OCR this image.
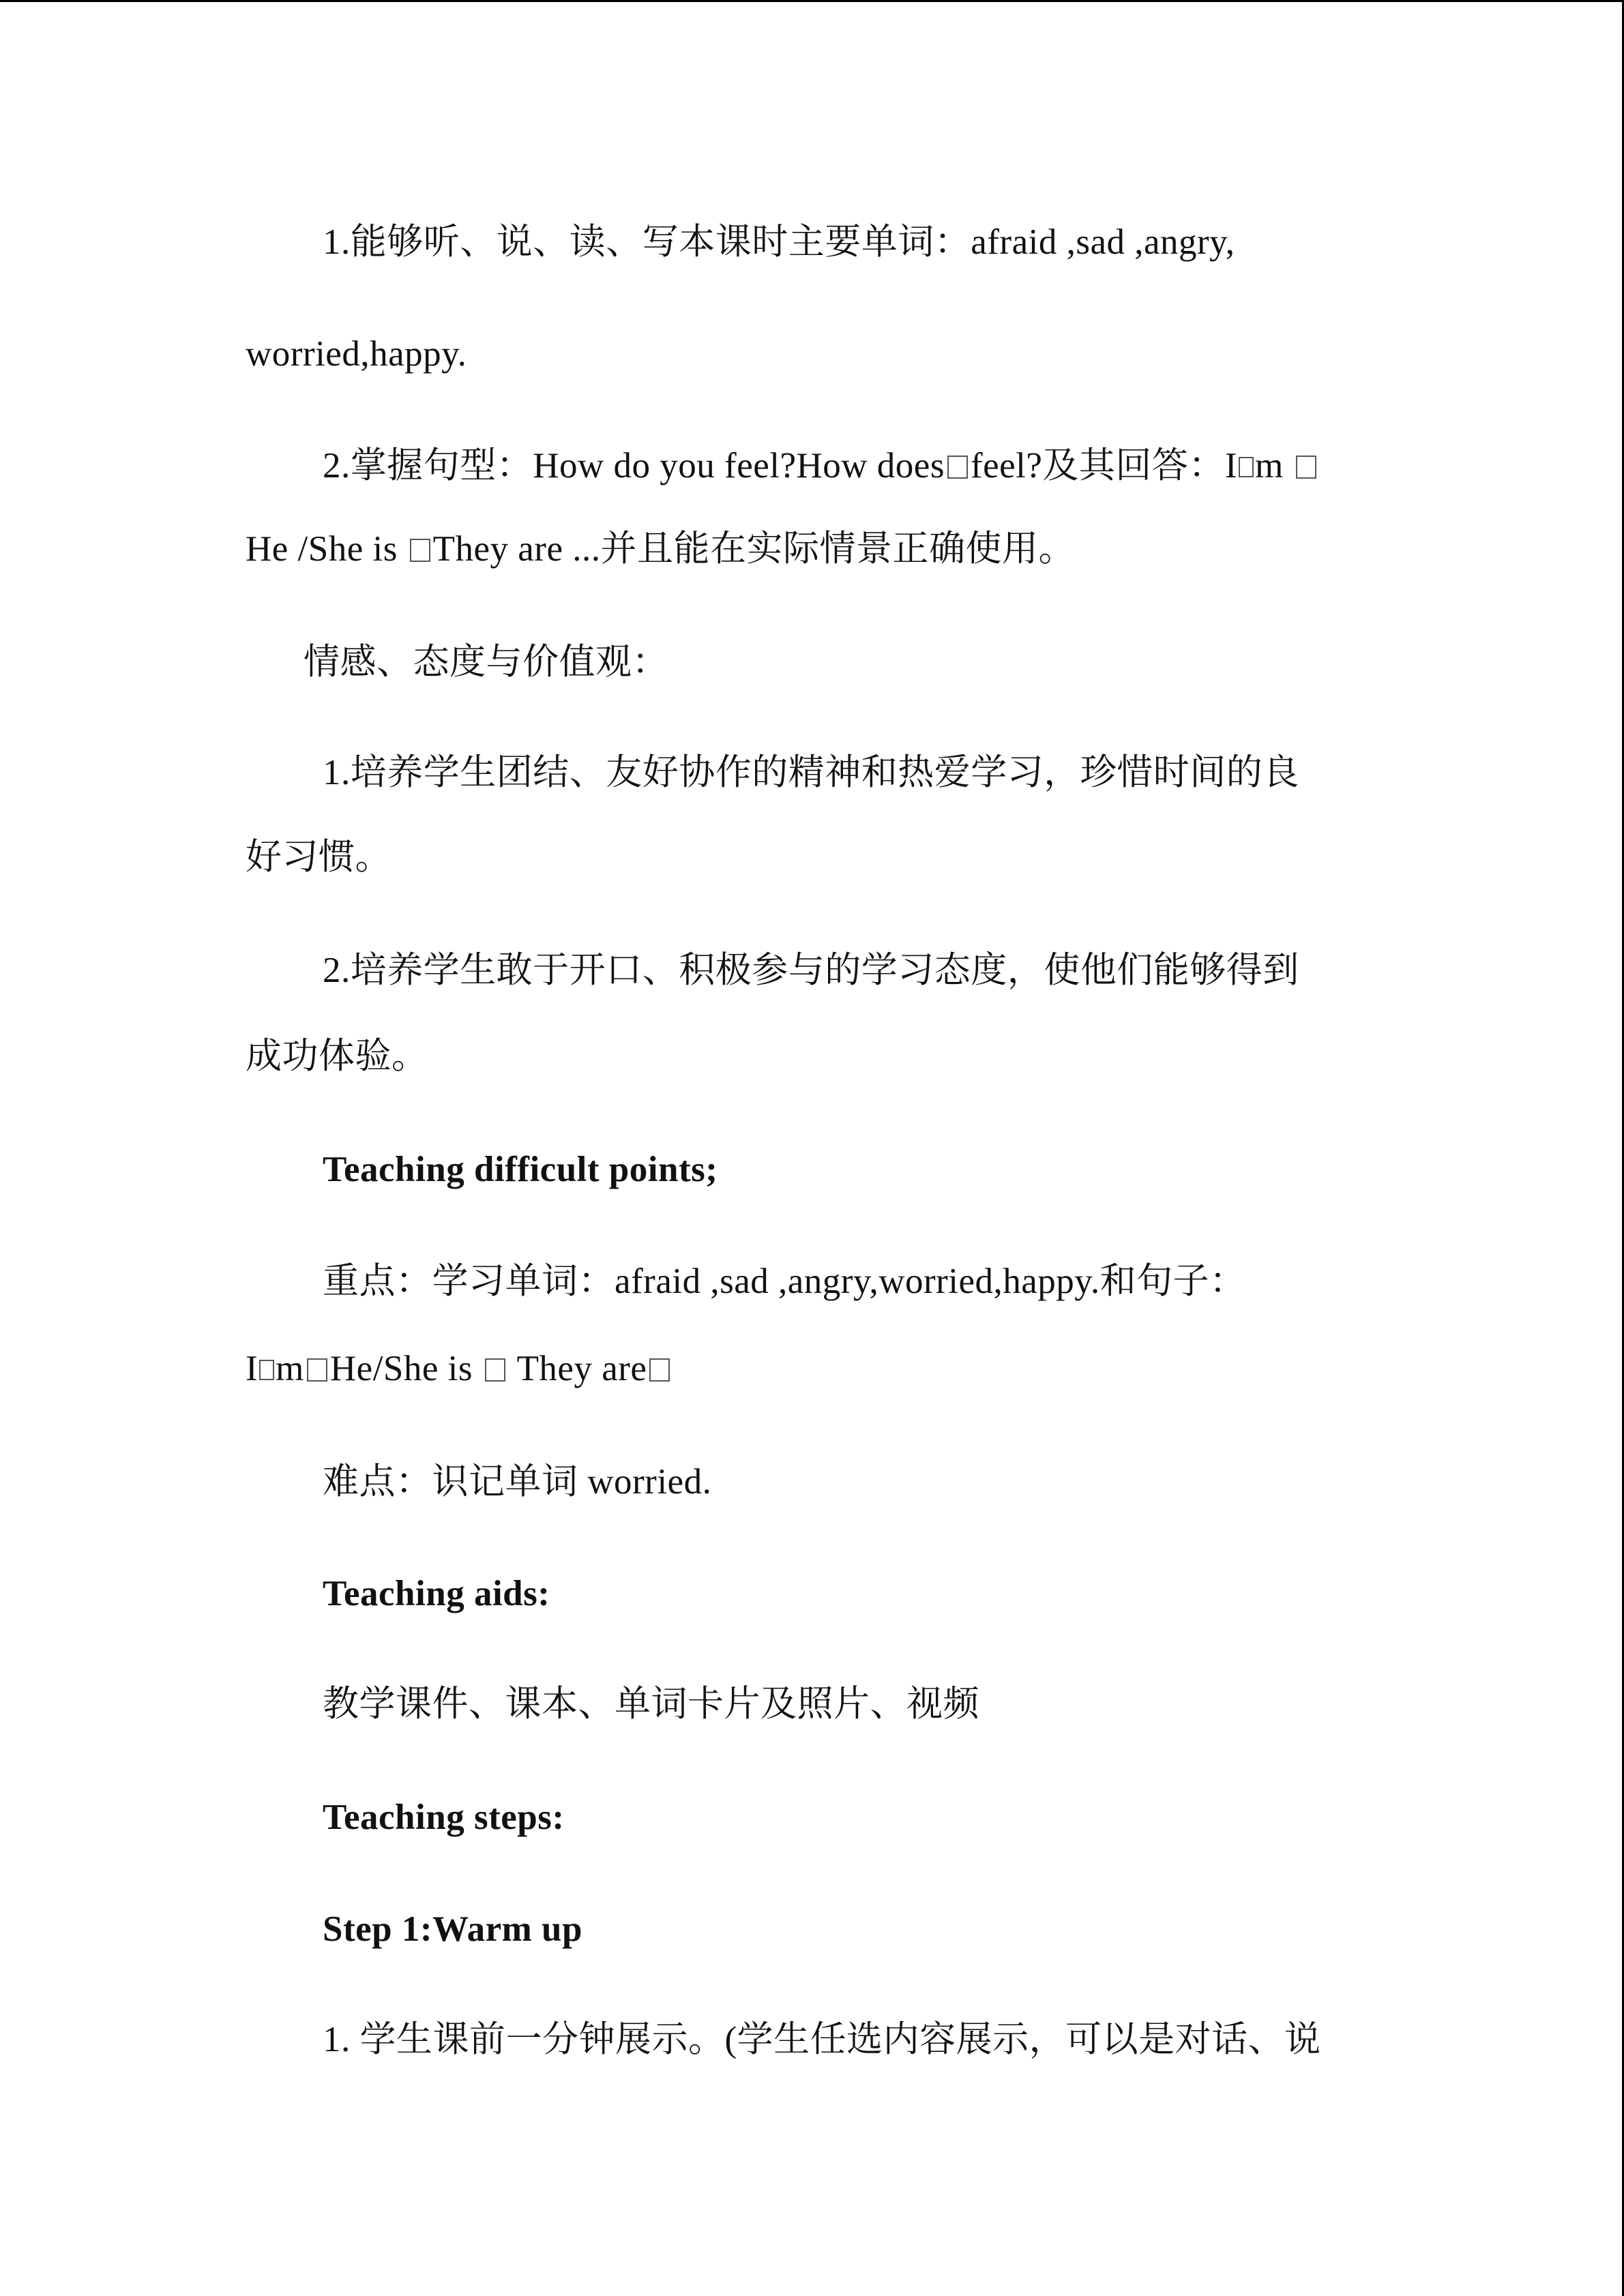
1.能够听、说、读、写本课时主要单词：afraid ,sad ,angry,
worried,happy.
2.掌握句型：How do you feel?How does feel?及其回答：I m
He /She is They are ...并且能在实际情景正确使用。
情感、态度与价值观：
1.培养学生团结、友好协作的精神和热爱学习，珍惜时间的良
好习惯。
2.培养学生敢于开口、积极参与的学习态度，使他们能够得到
成功体验。
Teaching difficult points;
重点：学习单词：afraid ,sad ,angry,worried,happy.和句子：
I m He/She is They are
难点：识记单词 worried.
Teaching aids:
教学课件、课本、单词卡片及照片、视频
Teaching steps:
Step 1:Warm up
1. 学生课前一分钟展示。(学生任选内容展示，可以是对话、说
